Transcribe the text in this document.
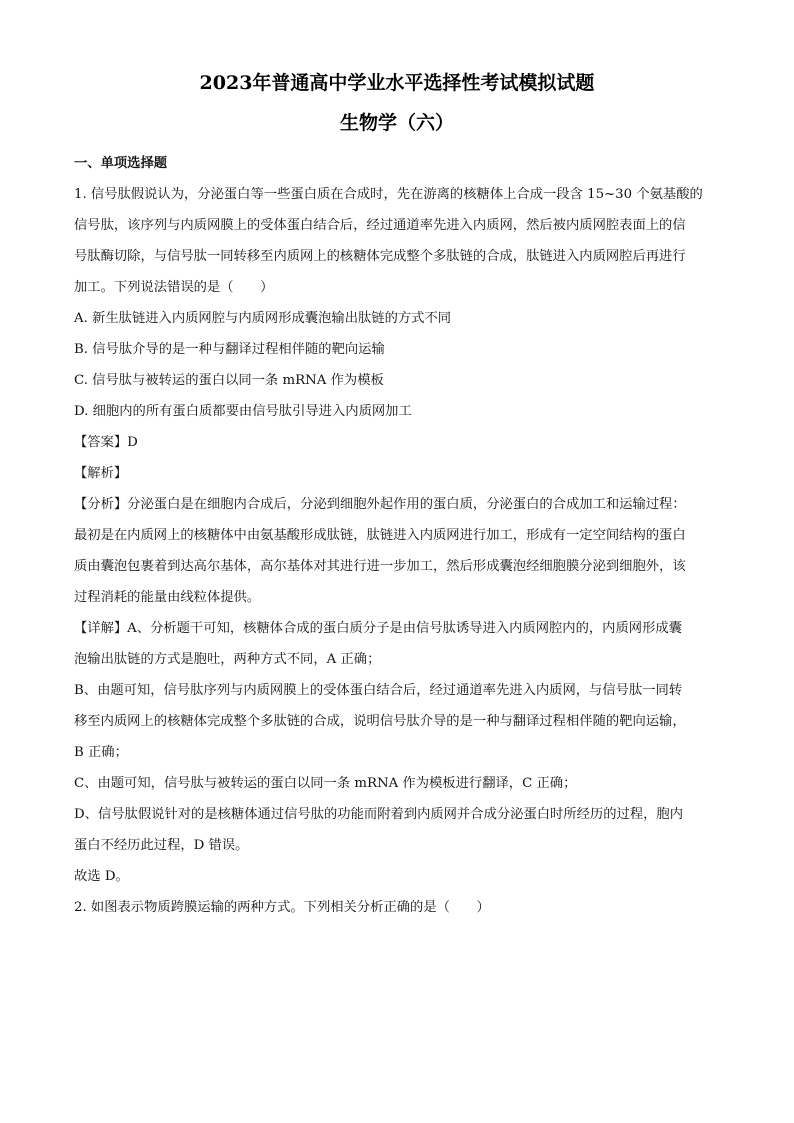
2023年普通高中学业水平选择性考试模拟试题
生物学（六）
一、单项选择题
1. 信号肽假说认为，分泌蛋白等一些蛋白质在合成时，先在游离的核糖体上合成一段含 15~30 个氨基酸的
信号肽，该序列与内质网膜上的受体蛋白结合后，经过通道率先进入内质网，然后被内质网腔表面上的信
号肽酶切除，与信号肽一同转移至内质网上的核糖体完成整个多肽链的合成，肽链进入内质网腔后再进行
加工。下列说法错误的是（　　）
A. 新生肽链进入内质网腔与内质网形成囊泡输出肽链的方式不同
B. 信号肽介导的是一种与翻译过程相伴随的靶向运输
C. 信号肽与被转运的蛋白以同一条 mRNA 作为模板
D. 细胞内的所有蛋白质都要由信号肽引导进入内质网加工
【答案】D
【解析】
【分析】分泌蛋白是在细胞内合成后，分泌到细胞外起作用的蛋白质，分泌蛋白的合成加工和运输过程：
最初是在内质网上的核糖体中由氨基酸形成肽链，肽链进入内质网进行加工，形成有一定空间结构的蛋白
质由囊泡包裹着到达高尔基体，高尔基体对其进行进一步加工，然后形成囊泡经细胞膜分泌到细胞外，该
过程消耗的能量由线粒体提供。
【详解】A、分析题干可知，核糖体合成的蛋白质分子是由信号肽诱导进入内质网腔内的，内质网形成囊
泡输出肽链的方式是胞吐，两种方式不同，A 正确；
B、由题可知，信号肽序列与内质网膜上的受体蛋白结合后，经过通道率先进入内质网，与信号肽一同转
移至内质网上的核糖体完成整个多肽链的合成，说明信号肽介导的是一种与翻译过程相伴随的靶向运输，
B 正确；
C、由题可知，信号肽与被转运的蛋白以同一条 mRNA 作为模板进行翻译，C 正确；
D、信号肽假说针对的是核糖体通过信号肽的功能而附着到内质网并合成分泌蛋白时所经历的过程，胞内
蛋白不经历此过程，D 错误。
故选 D。
2. 如图表示物质跨膜运输的两种方式。下列相关分析正确的是（　　）
